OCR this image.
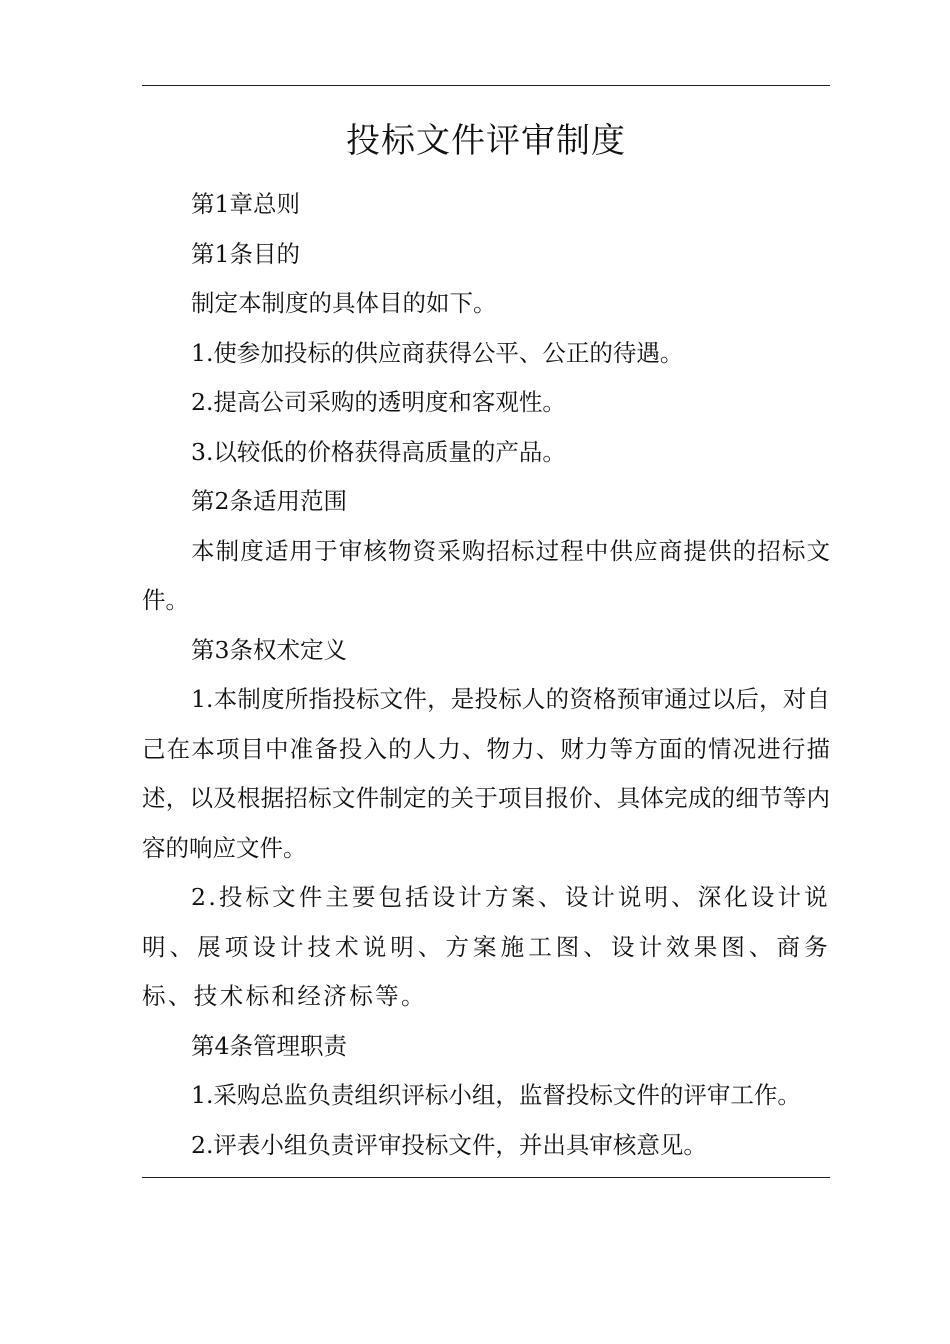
投标文件评审制度

第1章总则

第1条目的

制定本制度的具体目的如下。

1.使参加投标的供应商获得公平、公正的待遇。

2.提高公司采购的透明度和客观性。

3.以较低的价格获得高质量的产品。

第2条适用范围

本制度适用于审核物资采购招标过程中供应商提供的招标文件。

第3条权术定义

1.本制度所指投标文件，是投标人的资格预审通过以后，对自己在本项目中准备投入的人力、物力、财力等方面的情况进行描述，以及根据招标文件制定的关于项目报价、具体完成的细节等内容的响应文件。

2.投标文件主要包括设计方案、设计说明、深化设计说明、展项设计技术说明、方案施工图、设计效果图、商务标、技术标和经济标等。

第4条管理职责

1.采购总监负责组织评标小组，监督投标文件的评审工作。

2.评表小组负责评审投标文件，并出具审核意见。
